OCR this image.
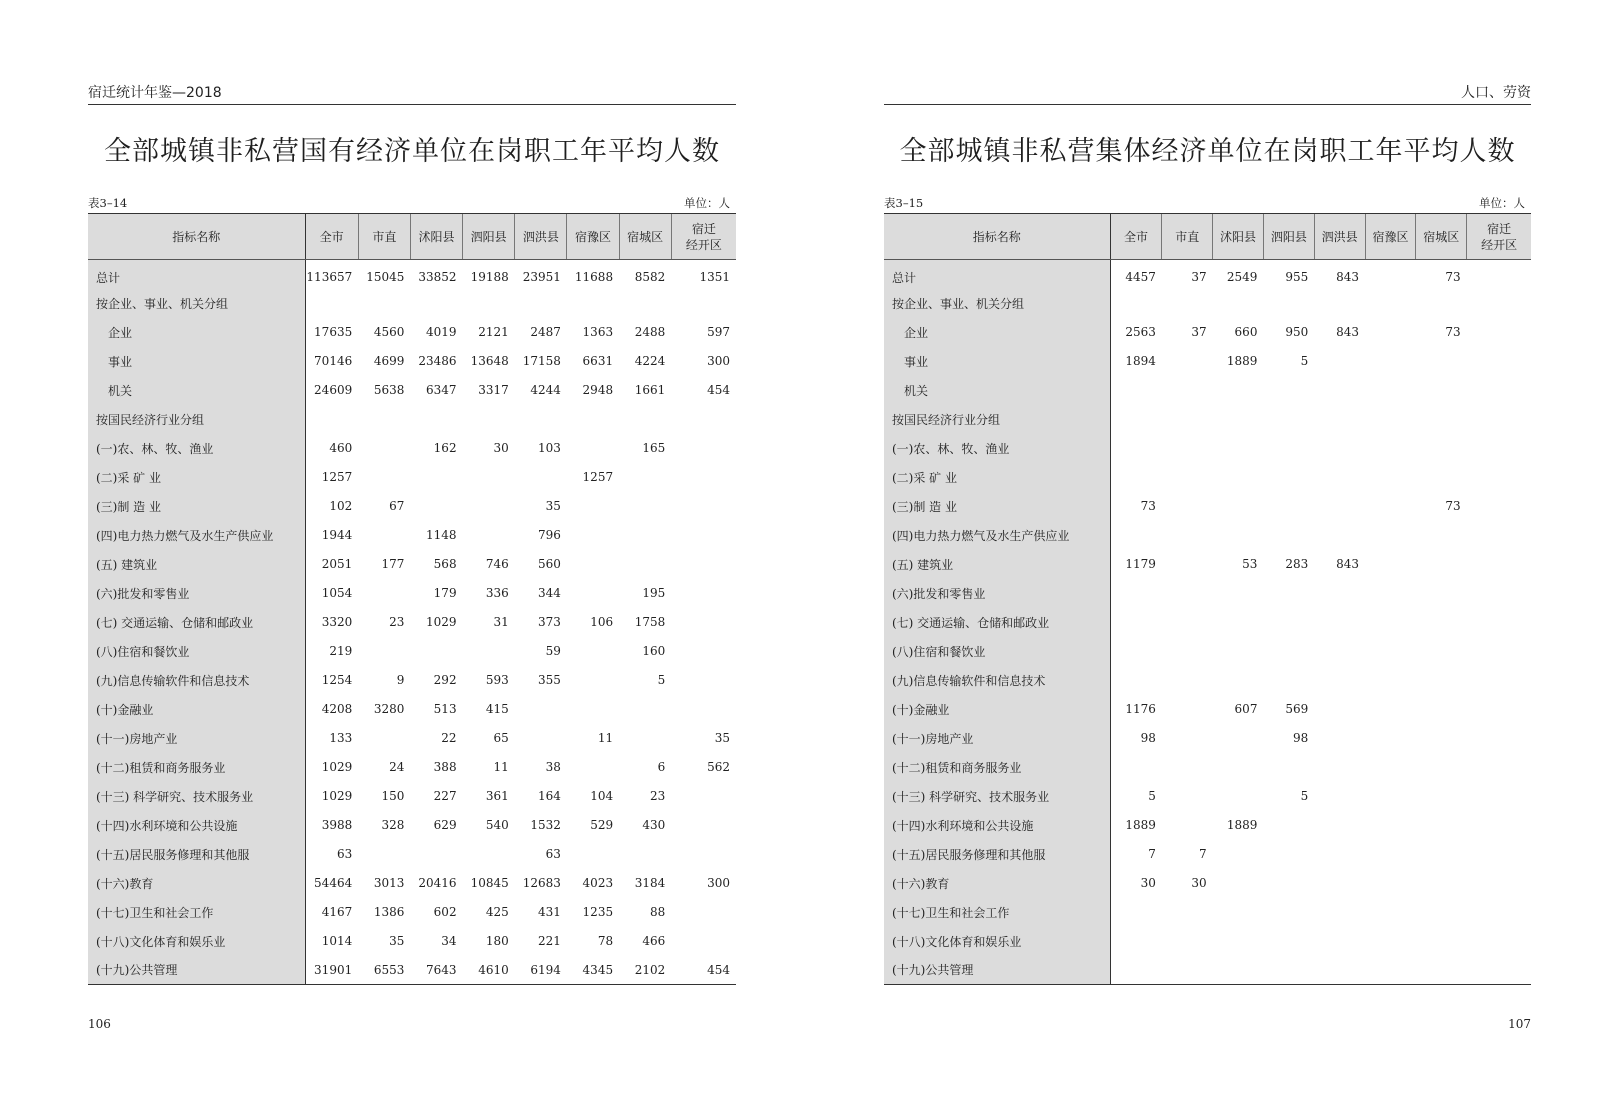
宿迁统计年鉴—2018
全部城镇非私营国有经济单位在岗职工年平均人数
表3–14	单位：人
指标名称	全市	市直	沭阳县	泗阳县	泗洪县	宿豫区	宿城区	宿迁
经开区
总计	113657	15045	33852	19188	23951	11688	8582	1351
按企业、事业、机关分组								
企业	17635	4560	4019	2121	2487	1363	2488	597
事业	70146	4699	23486	13648	17158	6631	4224	300
机关	24609	5638	6347	3317	4244	2948	1661	454
按国民经济行业分组								
(一)农、林、牧、渔业	460		162	30	103		165	
(二)采 矿 业	1257					1257		
(三)制 造 业	102	67			35			
(四)电力热力燃气及水生产供应业	1944		1148		796			
(五) 建筑业	2051	177	568	746	560			
(六)批发和零售业	1054		179	336	344		195	
(七) 交通运输、仓储和邮政业	3320	23	1029	31	373	106	1758	
(八)住宿和餐饮业	219				59		160	
(九)信息传输软件和信息技术	1254	9	292	593	355		5	
(十)金融业	4208	3280	513	415				
(十一)房地产业	133		22	65		11		35
(十二)租赁和商务服务业	1029	24	388	11	38		6	562
(十三) 科学研究、技术服务业	1029	150	227	361	164	104	23	
(十四)水利环境和公共设施	3988	328	629	540	1532	529	430	
(十五)居民服务修理和其他服	63				63			
(十六)教育	54464	3013	20416	10845	12683	4023	3184	300
(十七)卫生和社会工作	4167	1386	602	425	431	1235	88	
(十八)文化体育和娱乐业	1014	35	34	180	221	78	466	
(十九)公共管理	31901	6553	7643	4610	6194	4345	2102	454
106
人口、劳资
全部城镇非私营集体经济单位在岗职工年平均人数
表3–15	单位：人
指标名称	全市	市直	沭阳县	泗阳县	泗洪县	宿豫区	宿城区	宿迁
经开区
总计	4457	37	2549	955	843		73	
按企业、事业、机关分组								
企业	2563	37	660	950	843		73	
事业	1894		1889	5				
机关								
按国民经济行业分组								
(一)农、林、牧、渔业								
(二)采 矿 业								
(三)制 造 业	73						73	
(四)电力热力燃气及水生产供应业								
(五) 建筑业	1179		53	283	843			
(六)批发和零售业								
(七) 交通运输、仓储和邮政业								
(八)住宿和餐饮业								
(九)信息传输软件和信息技术								
(十)金融业	1176		607	569				
(十一)房地产业	98			98				
(十二)租赁和商务服务业								
(十三) 科学研究、技术服务业	5			5				
(十四)水利环境和公共设施	1889		1889					
(十五)居民服务修理和其他服	7	7						
(十六)教育	30	30						
(十七)卫生和社会工作								
(十八)文化体育和娱乐业								
(十九)公共管理								
107
